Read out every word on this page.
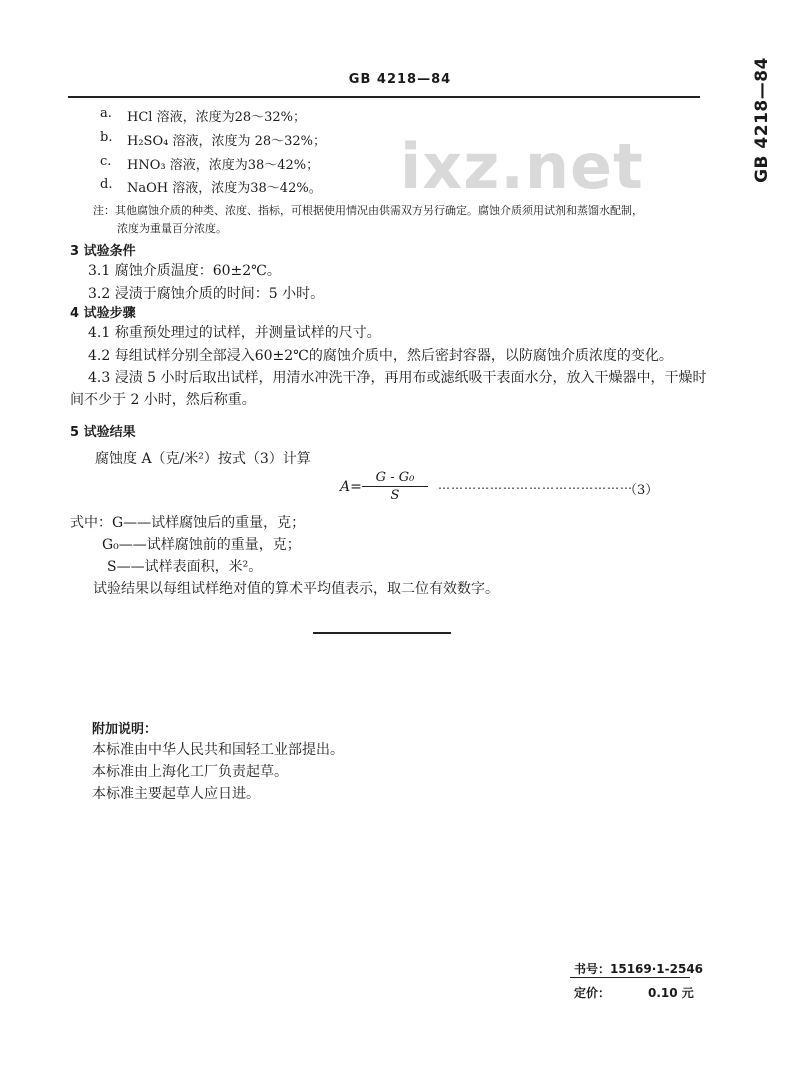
GB 4218—84	GB 4218—84
ixz.net
a. HCl 溶液，浓度为28～32%；
b. H₂SO₄ 溶液，浓度为 28～32%；
c. HNO₃ 溶液，浓度为38～42%；
d. NaOH 溶液，浓度为38～42%。
注：其他腐蚀介质的种类、浓度、指标，可根据使用情况由供需双方另行确定。腐蚀介质须用试剂和蒸馏水配制，
浓度为重量百分浓度。
3 试验条件
3.1 腐蚀介质温度：60±2℃。
3.2 浸渍于腐蚀介质的时间：5 小时。
4 试验步骤
4.1 称重预处理过的试样，并测量试样的尺寸。
4.2 每组试样分别全部浸入60±2℃的腐蚀介质中，然后密封容器，以防腐蚀介质浓度的变化。
4.3 浸渍 5 小时后取出试样，用清水冲洗干净，再用布或滤纸吸干表面水分，放入干燥器中，干燥时
间不少于 2 小时，然后称重。
5 试验结果
腐蚀度 A（克/米²）按式（3）计算
A=
G - G₀
S
………………………………………
（3）
式中：G——试样腐蚀后的重量，克；
G₀——试样腐蚀前的重量，克；
S——试样表面积，米²。
试验结果以每组试样绝对值的算术平均值表示，取二位有效数字。
附加说明：
本标准由中华人民共和国轻工业部提出。
本标准由上海化工厂负责起草。
本标准主要起草人应日进。
书号：15169·1-2546
定价：	0.10 元
